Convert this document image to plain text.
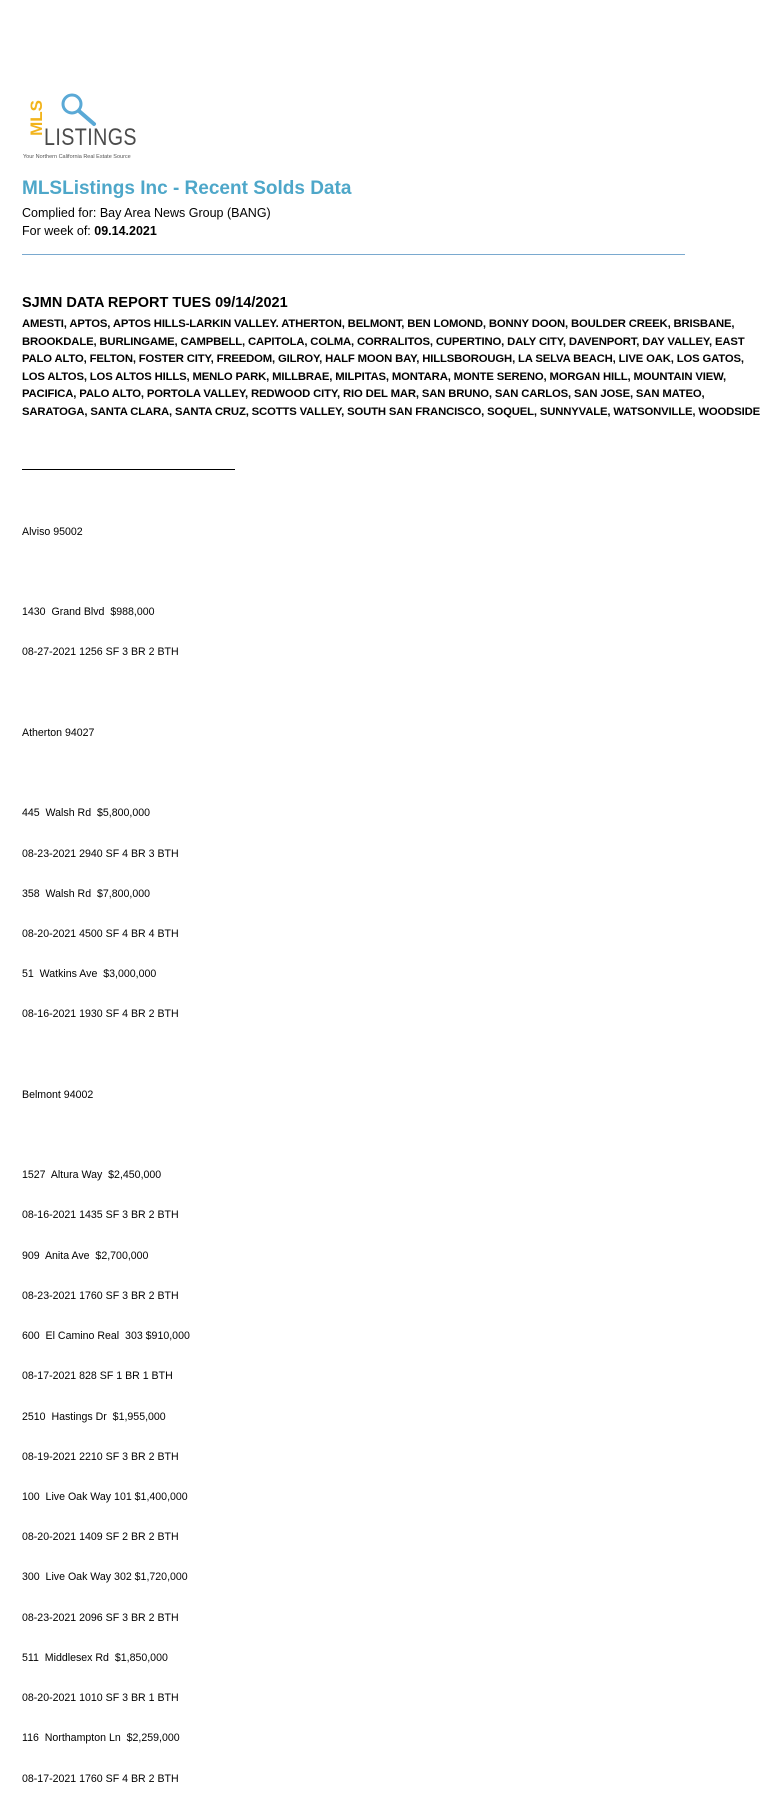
MLS
LISTINGS
Your Northern California Real Estate Source
MLSListings Inc - Recent Solds Data
Complied for: Bay Area News Group (BANG)
For week of: 09.14.2021
SJMN DATA REPORT TUES 09/14/2021
AMESTI, APTOS, APTOS HILLS-LARKIN VALLEY. ATHERTON, BELMONT, BEN LOMOND, BONNY DOON, BOULDER CREEK, BRISBANE,
BROOKDALE, BURLINGAME, CAMPBELL, CAPITOLA, COLMA, CORRALITOS, CUPERTINO, DALY CITY, DAVENPORT, DAY VALLEY, EAST
PALO ALTO, FELTON, FOSTER CITY, FREEDOM, GILROY, HALF MOON BAY, HILLSBOROUGH, LA SELVA BEACH, LIVE OAK, LOS GATOS,
LOS ALTOS, LOS ALTOS HILLS, MENLO PARK, MILLBRAE, MILPITAS, MONTARA, MONTE SERENO, MORGAN HILL, MOUNTAIN VIEW,
PACIFICA, PALO ALTO, PORTOLA VALLEY, REDWOOD CITY, RIO DEL MAR, SAN BRUNO, SAN CARLOS, SAN JOSE, SAN MATEO,
SARATOGA, SANTA CLARA, SANTA CRUZ, SCOTTS VALLEY, SOUTH SAN FRANCISCO, SOQUEL, SUNNYVALE, WATSONVILLE, WOODSIDE

Alviso 95002

1430  Grand Blvd  $988,000

08-27-2021 1256 SF 3 BR 2 BTH

Atherton 94027

445  Walsh Rd  $5,800,000

08-23-2021 2940 SF 4 BR 3 BTH

358  Walsh Rd  $7,800,000

08-20-2021 4500 SF 4 BR 4 BTH

51  Watkins Ave  $3,000,000

08-16-2021 1930 SF 4 BR 2 BTH

Belmont 94002

1527  Altura Way  $2,450,000

08-16-2021 1435 SF 3 BR 2 BTH

909  Anita Ave  $2,700,000

08-23-2021 1760 SF 3 BR 2 BTH

600  El Camino Real  303 $910,000

08-17-2021 828 SF 1 BR 1 BTH

2510  Hastings Dr  $1,955,000

08-19-2021 2210 SF 3 BR 2 BTH

100  Live Oak Way 101 $1,400,000

08-20-2021 1409 SF 2 BR 2 BTH

300  Live Oak Way 302 $1,720,000

08-23-2021 2096 SF 3 BR 2 BTH

511  Middlesex Rd  $1,850,000

08-20-2021 1010 SF 3 BR 1 BTH

116  Northampton Ln  $2,259,000

08-17-2021 1760 SF 4 BR 2 BTH
